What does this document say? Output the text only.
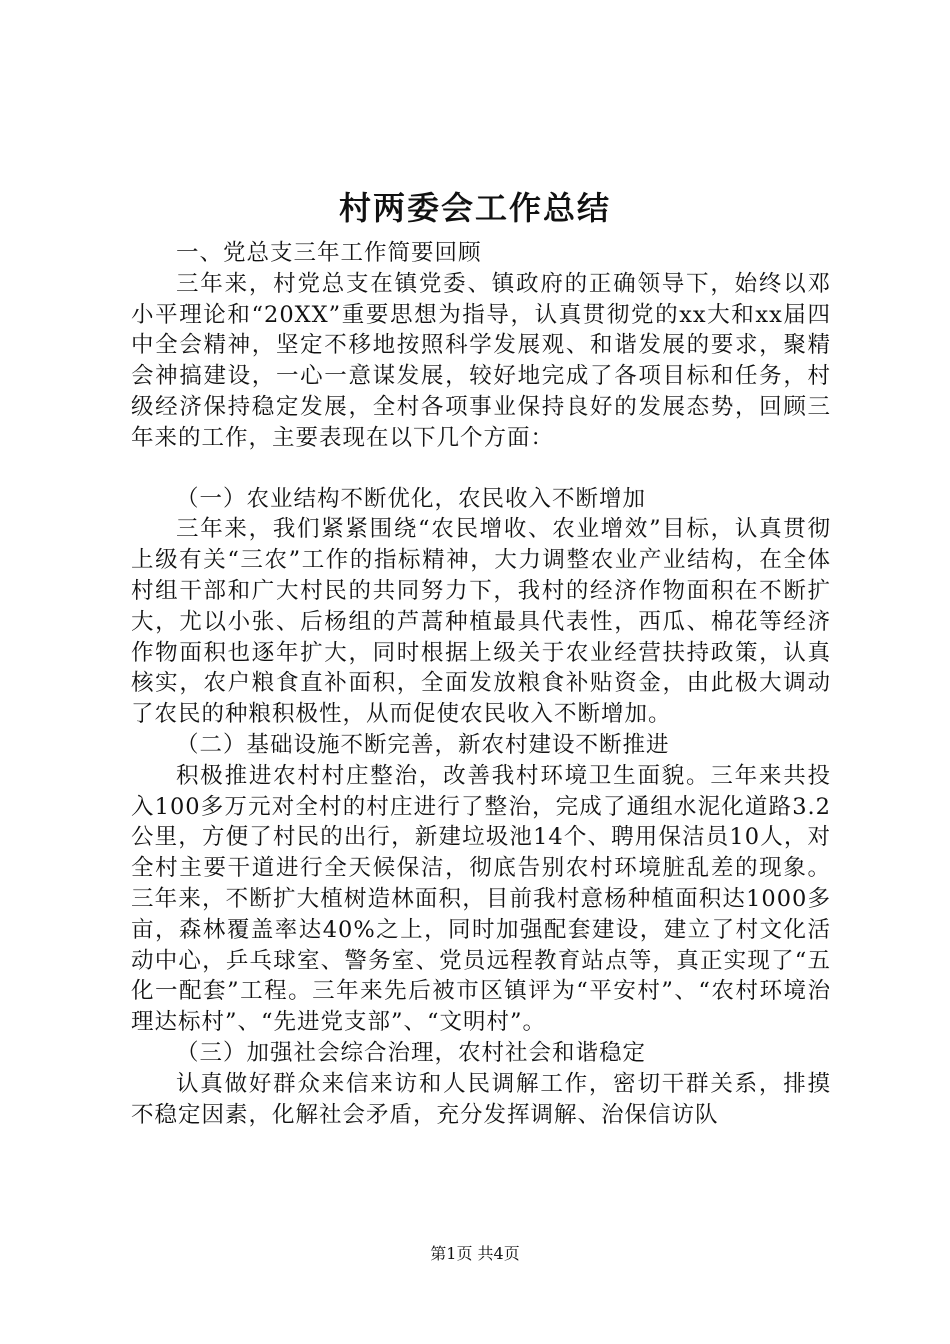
村两委会工作总结

一、党总支三年工作简要回顾

三年来，村党总支在镇党委、镇政府的正确领导下，始终以邓小平理论和“20XX”重要思想为指导，认真贯彻党的xx大和xx届四中全会精神，坚定不移地按照科学发展观、和谐发展的要求，聚精会神搞建设，一心一意谋发展，较好地完成了各项目标和任务，村级经济保持稳定发展，全村各项事业保持良好的发展态势，回顾三年来的工作，主要表现在以下几个方面：

（一）农业结构不断优化，农民收入不断增加

三年来，我们紧紧围绕“农民增收、农业增效”目标，认真贯彻上级有关“三农”工作的指标精神，大力调整农业产业结构，在全体村组干部和广大村民的共同努力下，我村的经济作物面积在不断扩大，尤以小张、后杨组的芦蒿种植最具代表性，西瓜、棉花等经济作物面积也逐年扩大，同时根据上级关于农业经营扶持政策，认真核实，农户粮食直补面积，全面发放粮食补贴资金，由此极大调动了农民的种粮积极性，从而促使农民收入不断增加。

（二）基础设施不断完善，新农村建设不断推进

积极推进农村村庄整治，改善我村环境卫生面貌。三年来共投入100多万元对全村的村庄进行了整治，完成了通组水泥化道路3.2公里，方便了村民的出行，新建垃圾池14个、聘用保洁员10人，对全村主要干道进行全天候保洁，彻底告别农村环境脏乱差的现象。三年来，不断扩大植树造林面积，目前我村意杨种植面积达1000多亩，森林覆盖率达40%之上，同时加强配套建设，建立了村文化活动中心，乒乓球室、警务室、党员远程教育站点等，真正实现了“五化一配套”工程。三年来先后被市区镇评为“平安村”、“农村环境治理达标村”、“先进党支部”、“文明村”。

（三）加强社会综合治理，农村社会和谐稳定

认真做好群众来信来访和人民调解工作，密切干群关系，排摸不稳定因素，化解社会矛盾，充分发挥调解、治保信访队

第1页 共4页
